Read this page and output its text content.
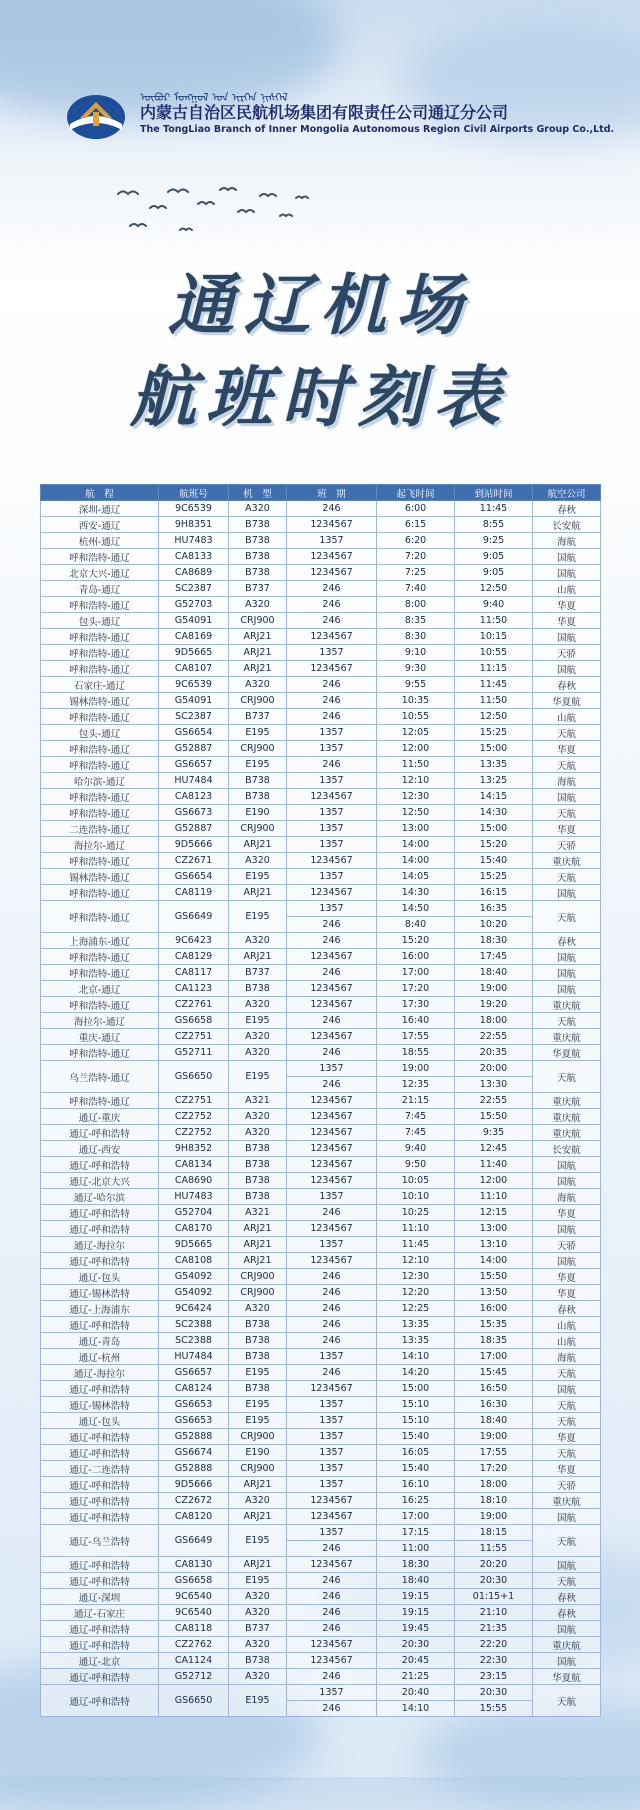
ᠥᠪᠦᠷ ᠮᠣᠩᠭᠣᠯ ᠤᠨ ᠢᠷᠭᠡᠨ ᠨᠢᠰᠬᠡᠯ
内蒙古自治区民航机场集团有限责任公司通辽分公司
The TongLiao Branch of Inner Mongolia Autonomous Region Civil Airports Group Co.,Ltd.
通辽机场
航班时刻表
航　程	航班号	机　型	班　期	起飞时间	到站时间	航空公司
深圳-通辽	9C6539	A320	246	6:00	11:45	春秋
西安-通辽	9H8351	B738	1234567	6:15	8:55	长安航
杭州-通辽	HU7483	B738	1357	6:20	9:25	海航
呼和浩特-通辽	CA8133	B738	1234567	7:20	9:05	国航
北京大兴-通辽	CA8689	B738	1234567	7:25	9:05	国航
青岛-通辽	SC2387	B737	246	7:40	12:50	山航
呼和浩特-通辽	G52703	A320	246	8:00	9:40	华夏
包头-通辽	G54091	CRJ900	246	8:35	11:50	华夏
呼和浩特-通辽	CA8169	ARJ21	1234567	8:30	10:15	国航
呼和浩特-通辽	9D5665	ARJ21	1357	9:10	10:55	天骄
呼和浩特-通辽	CA8107	ARJ21	1234567	9:30	11:15	国航
石家庄-通辽	9C6539	A320	246	9:55	11:45	春秋
锡林浩特-通辽	G54091	CRJ900	246	10:35	11:50	华夏航
呼和浩特-通辽	SC2387	B737	246	10:55	12:50	山航
包头-通辽	GS6654	E195	1357	12:05	15:25	天航
呼和浩特-通辽	G52887	CRJ900	1357	12:00	15:00	华夏
呼和浩特-通辽	GS6657	E195	246	11:50	13:35	天航
哈尔滨-通辽	HU7484	B738	1357	12:10	13:25	海航
呼和浩特-通辽	CA8123	B738	1234567	12:30	14:15	国航
呼和浩特-通辽	GS6673	E190	1357	12:50	14:30	天航
二连浩特-通辽	G52887	CRJ900	1357	13:00	15:00	华夏
海拉尔-通辽	9D5666	ARJ21	1357	14:00	15:20	天骄
呼和浩特-通辽	CZ2671	A320	1234567	14:00	15:40	重庆航
锡林浩特-通辽	GS6654	E195	1357	14:05	15:25	天航
呼和浩特-通辽	CA8119	ARJ21	1234567	14:30	16:15	国航
呼和浩特-通辽	GS6649	E195	1357	14:50	16:35	天航
			246	8:40	10:20	
上海浦东-通辽	9C6423	A320	246	15:20	18:30	春秋
呼和浩特-通辽	CA8129	ARJ21	1234567	16:00	17:45	国航
呼和浩特-通辽	CA8117	B737	246	17:00	18:40	国航
北京-通辽	CA1123	B738	1234567	17:20	19:00	国航
呼和浩特-通辽	CZ2761	A320	1234567	17:30	19:20	重庆航
海拉尔-通辽	GS6658	E195	246	16:40	18:00	天航
重庆-通辽	CZ2751	A320	1234567	17:55	22:55	重庆航
呼和浩特-通辽	G52711	A320	246	18:55	20:35	华夏航
乌兰浩特-通辽	GS6650	E195	1357	19:00	20:00	天航
			246	12:35	13:30	
呼和浩特-通辽	CZ2751	A321	1234567	21:15	22:55	重庆航
通辽-重庆	CZ2752	A320	1234567	7:45	15:50	重庆航
通辽-呼和浩特	CZ2752	A320	1234567	7:45	9:35	重庆航
通辽-西安	9H8352	B738	1234567	9:40	12:45	长安航
通辽-呼和浩特	CA8134	B738	1234567	9:50	11:40	国航
通辽-北京大兴	CA8690	B738	1234567	10:05	12:00	国航
通辽-哈尔滨	HU7483	B738	1357	10:10	11:10	海航
通辽-呼和浩特	G52704	A321	246	10:25	12:15	华夏
通辽-呼和浩特	CA8170	ARJ21	1234567	11:10	13:00	国航
通辽-海拉尔	9D5665	ARJ21	1357	11:45	13:10	天骄
通辽-呼和浩特	CA8108	ARJ21	1234567	12:10	14:00	国航
通辽-包头	G54092	CRJ900	246	12:30	15:50	华夏
通辽-锡林浩特	G54092	CRJ900	246	12:20	13:50	华夏
通辽-上海浦东	9C6424	A320	246	12:25	16:00	春秋
通辽-呼和浩特	SC2388	B738	246	13:35	15:35	山航
通辽-青岛	SC2388	B738	246	13:35	18:35	山航
通辽-杭州	HU7484	B738	1357	14:10	17:00	海航
通辽-海拉尔	GS6657	E195	246	14:20	15:45	天航
通辽-呼和浩特	CA8124	B738	1234567	15:00	16:50	国航
通辽-锡林浩特	GS6653	E195	1357	15:10	16:30	天航
通辽-包头	GS6653	E195	1357	15:10	18:40	天航
通辽-呼和浩特	G52888	CRJ900	1357	15:40	19:00	华夏
通辽-呼和浩特	GS6674	E190	1357	16:05	17:55	天航
通辽-二连浩特	G52888	CRJ900	1357	15:40	17:20	华夏
通辽-呼和浩特	9D5666	ARJ21	1357	16:10	18:00	天骄
通辽-呼和浩特	CZ2672	A320	1234567	16:25	18:10	重庆航
通辽-呼和浩特	CA8120	ARJ21	1234567	17:00	19:00	国航
通辽-乌兰浩特	GS6649	E195	1357	17:15	18:15	天航
			246	11:00	11:55	
通辽-呼和浩特	CA8130	ARJ21	1234567	18:30	20:20	国航
通辽-呼和浩特	GS6658	E195	246	18:40	20:30	天航
通辽-深圳	9C6540	A320	246	19:15	01:15+1	春秋
通辽-石家庄	9C6540	A320	246	19:15	21:10	春秋
通辽-呼和浩特	CA8118	B737	246	19:45	21:35	国航
通辽-呼和浩特	CZ2762	A320	1234567	20:30	22:20	重庆航
通辽-北京	CA1124	B738	1234567	20:45	22:30	国航
通辽-呼和浩特	G52712	A320	246	21:25	23:15	华夏航
通辽-呼和浩特	GS6650	E195	1357	20:40	20:30	天航
			246	14:10	15:55	
